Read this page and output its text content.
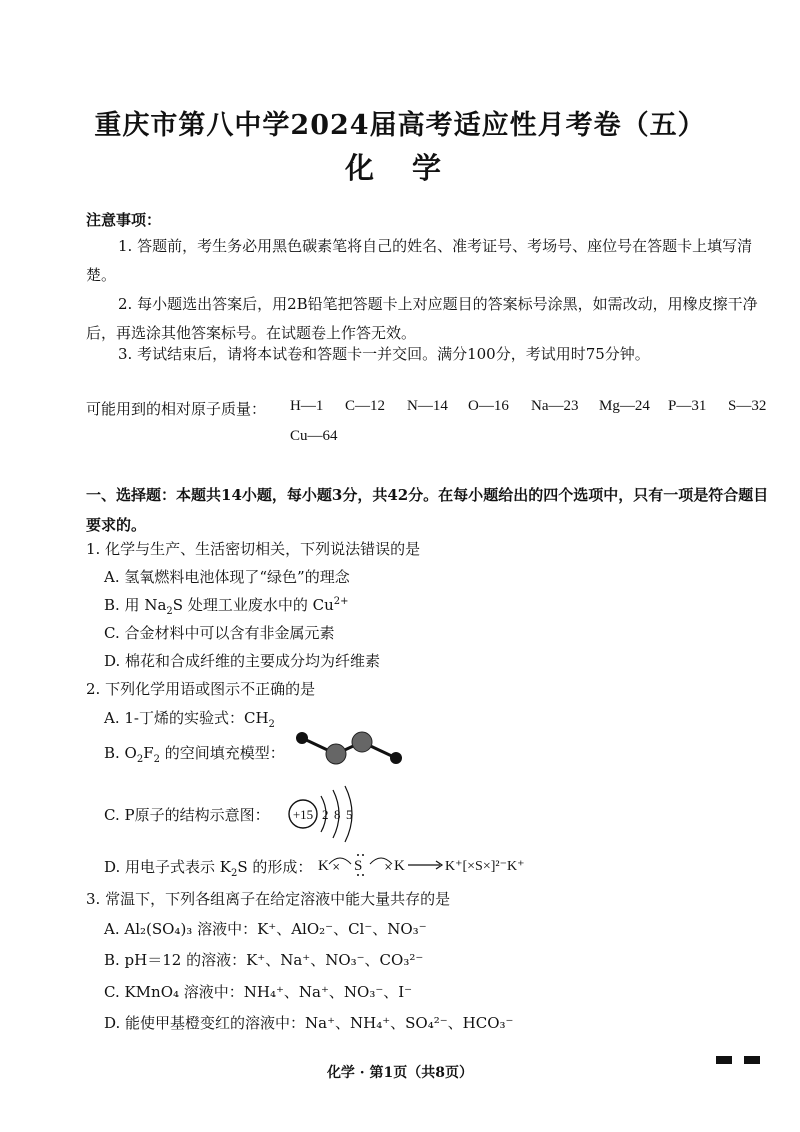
重庆市第八中学2024届高考适应性月考卷（五）
化 学
注意事项：
1. 答题前，考生务必用黑色碳素笔将自己的姓名、准考证号、考场号、座位号在答题卡上填写清楚。
2. 每小题选出答案后，用2B铅笔把答题卡上对应题目的答案标号涂黑，如需改动，用橡皮擦干净后，再选涂其他答案标号。在试题卷上作答无效。
3. 考试结束后，请将本试卷和答题卡一并交回。满分100分，考试用时75分钟。
可能用到的相对原子质量： H—1 C—12 N—14 O—16 Na—23 Mg—24 P—31 S—32
Cu—64
一、选择题：本题共14小题，每小题3分，共42分。在每小题给出的四个选项中，只有一项是符合题目要求的。
1. 化学与生产、生活密切相关，下列说法错误的是
A. 氢氧燃料电池体现了“绿色”的理念
B. 用 $Na_2S$ 处理工业废水中的 $Cu^{2+}$
C. 合金材料中可以含有非金属元素
D. 棉花和合成纤维的主要成分均为纤维素
2. 下列化学用语或图示不正确的是
A. 1-丁烯的实验式：$CH_2$
B. $O_2F_2$ 的空间填充模型：
C. P原子的结构示意图： +15 2 8 5
D. 用电子式表示 $K_2S$ 的形成： K × S × K	K⁺[×S×]²⁻K⁺
3. 常温下，下列各组离子在给定溶液中能大量共存的是
A. Al₂(SO₄)₃ 溶液中：K⁺、AlO₂⁻、Cl⁻、NO₃⁻
B. pH＝12 的溶液：K⁺、Na⁺、NO₃⁻、CO₃²⁻
C. KMnO₄ 溶液中：NH₄⁺、Na⁺、NO₃⁻、I⁻
D. 能使甲基橙变红的溶液中：Na⁺、NH₄⁺、SO₄²⁻、HCO₃⁻
化学 · 第1页（共8页）
